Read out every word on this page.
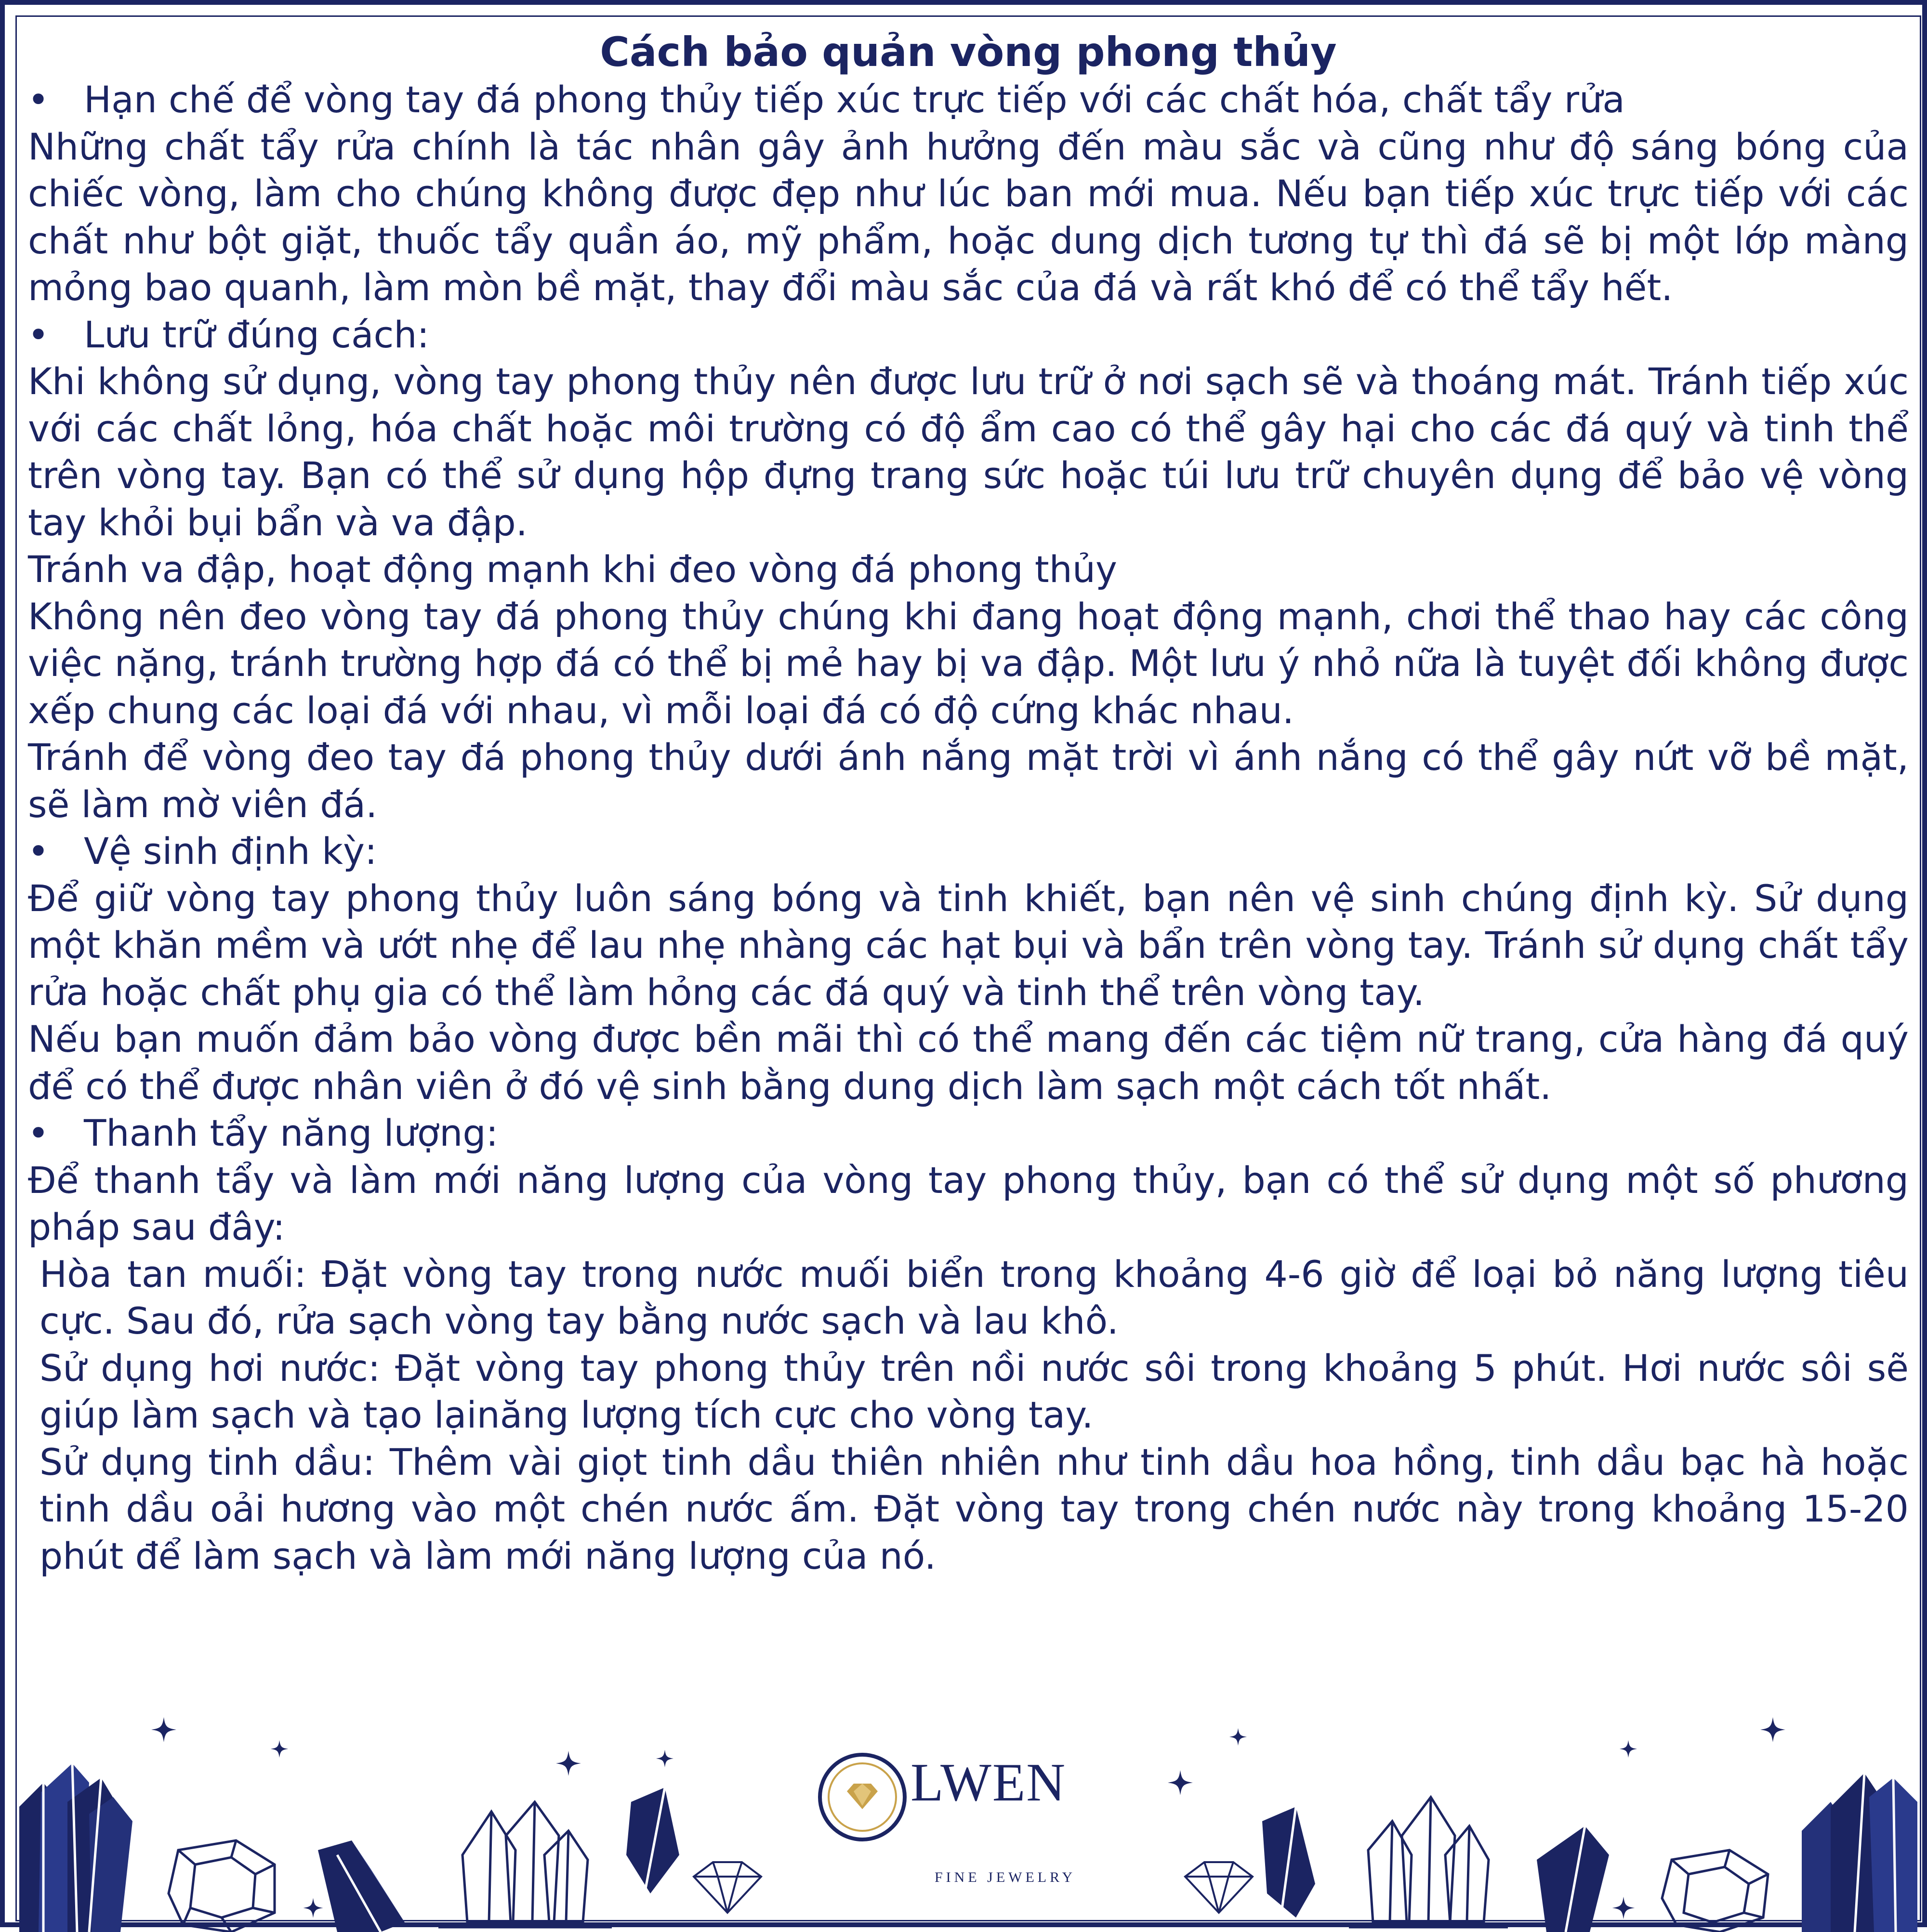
Cách bảo quản vòng phong thủy

• Hạn chế để vòng tay đá phong thủy tiếp xúc trực tiếp với các chất hóa, chất tẩy rửa

Những chất tẩy rửa chính là tác nhân gây ảnh hưởng đến màu sắc và cũng như độ sáng bóng của chiếc vòng, làm cho chúng không được đẹp như lúc ban mới mua. Nếu bạn tiếp xúc trực tiếp với các chất như bột giặt, thuốc tẩy quần áo, mỹ phẩm, hoặc dung dịch tương tự thì đá sẽ bị một lớp màng mỏng bao quanh, làm mòn bề mặt, thay đổi màu sắc của đá và rất khó để có thể tẩy hết.

• Lưu trữ đúng cách:

Khi không sử dụng, vòng tay phong thủy nên được lưu trữ ở nơi sạch sẽ và thoáng mát. Tránh tiếp xúc với các chất lỏng, hóa chất hoặc môi trường có độ ẩm cao có thể gây hại cho các đá quý và tinh thể trên vòng tay. Bạn có thể sử dụng hộp đựng trang sức hoặc túi lưu trữ chuyên dụng để bảo vệ vòng tay khỏi bụi bẩn và va đập.

Tránh va đập, hoạt động mạnh khi đeo vòng đá phong thủy

Không nên đeo vòng tay đá phong thủy chúng khi đang hoạt động mạnh, chơi thể thao hay các công việc nặng, tránh trường hợp đá có thể bị mẻ hay bị va đập. Một lưu ý nhỏ nữa là tuyệt đối không được xếp chung các loại đá với nhau, vì mỗi loại đá có độ cứng khác nhau.

Tránh để vòng đeo tay đá phong thủy dưới ánh nắng mặt trời vì ánh nắng có thể gây nứt vỡ bề mặt, sẽ làm mờ viên đá.

• Vệ sinh định kỳ:

Để giữ vòng tay phong thủy luôn sáng bóng và tinh khiết, bạn nên vệ sinh chúng định kỳ. Sử dụng một khăn mềm và ướt nhẹ để lau nhẹ nhàng các hạt bụi và bẩn trên vòng tay. Tránh sử dụng chất tẩy rửa hoặc chất phụ gia có thể làm hỏng các đá quý và tinh thể trên vòng tay.

Nếu bạn muốn đảm bảo vòng được bền mãi thì có thể mang đến các tiệm nữ trang, cửa hàng đá quý để có thể được nhân viên ở đó vệ sinh bằng dung dịch làm sạch một cách tốt nhất.

• Thanh tẩy năng lượng:

Để thanh tẩy và làm mới năng lượng của vòng tay phong thủy, bạn có thể sử dụng một số phương pháp sau đây:

Hòa tan muối: Đặt vòng tay trong nước muối biển trong khoảng 4-6 giờ để loại bỏ năng lượng tiêu cực. Sau đó, rửa sạch vòng tay bằng nước sạch và lau khô.

Sử dụng hơi nước: Đặt vòng tay phong thủy trên nồi nước sôi trong khoảng 5 phút. Hơi nước sôi sẽ giúp làm sạch và tạo lạinăng lượng tích cực cho vòng tay.

Sử dụng tinh dầu: Thêm vài giọt tinh dầu thiên nhiên như tinh dầu hoa hồng, tinh dầu bạc hà hoặc tinh dầu oải hương vào một chén nước ấm. Đặt vòng tay trong chén nước này trong khoảng 15-20 phút để làm sạch và làm mới năng lượng của nó.

LWEN
FINE JEWELRY
